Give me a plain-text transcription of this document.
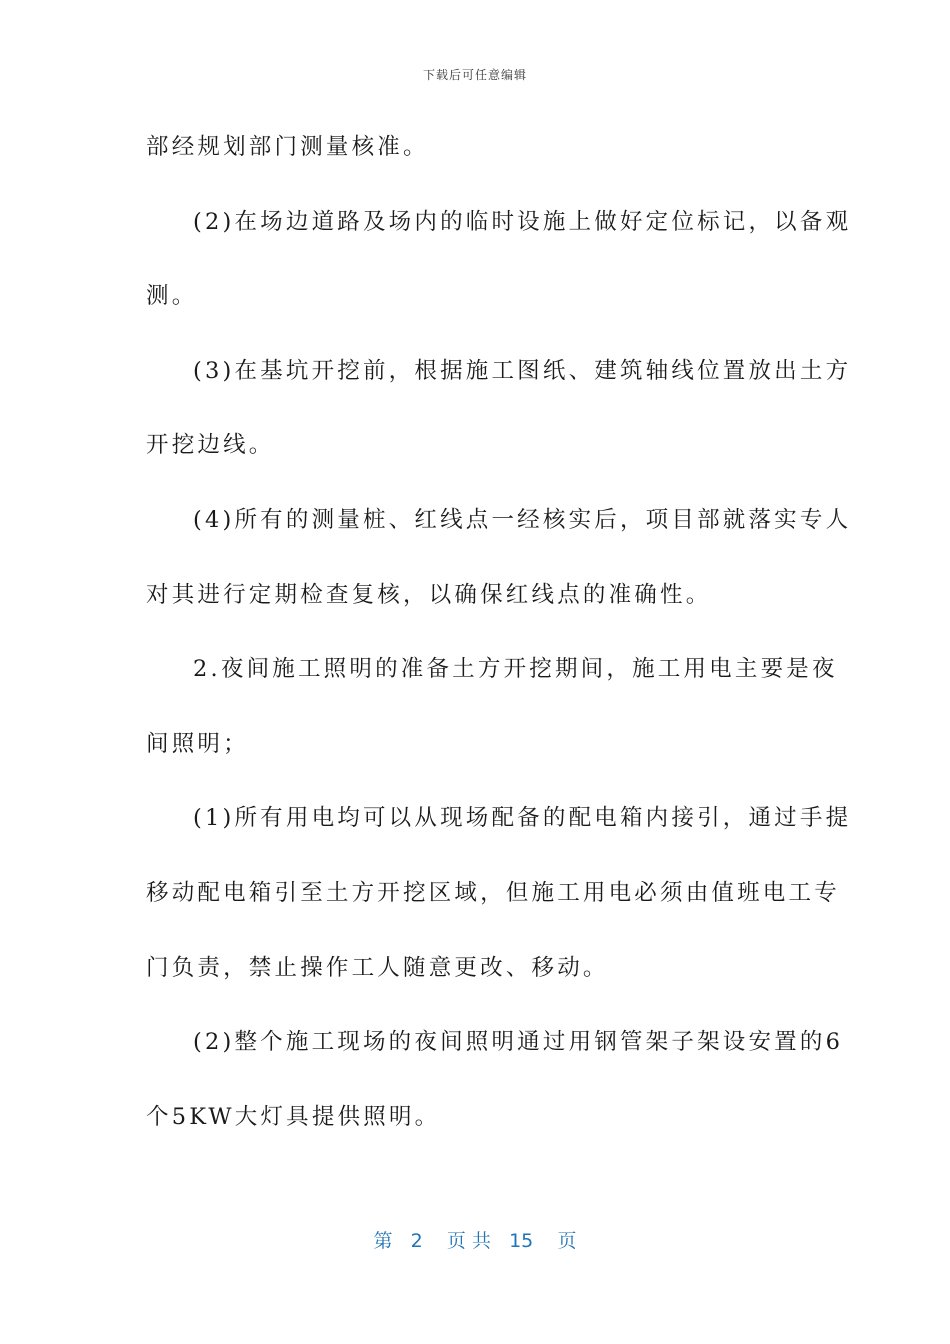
下载后可任意编辑
部经规划部门测量核准。
(2)在场边道路及场内的临时设施上做好定位标记，以备观
测。
(3)在基坑开挖前，根据施工图纸、建筑轴线位置放出土方
开挖边线。
(4)所有的测量桩、红线点一经核实后，项目部就落实专人
对其进行定期检查复核，以确保红线点的准确性。
2.夜间施工照明的准备土方开挖期间，施工用电主要是夜
间照明；
(1)所有用电均可以从现场配备的配电箱内接引，通过手提
移动配电箱引至土方开挖区域，但施工用电必须由值班电工专
门负责，禁止操作工人随意更改、移动。
(2)整个施工现场的夜间照明通过用钢管架子架设安置的6
个5KW大灯具提供照明。
第 2 页 共 15 页
